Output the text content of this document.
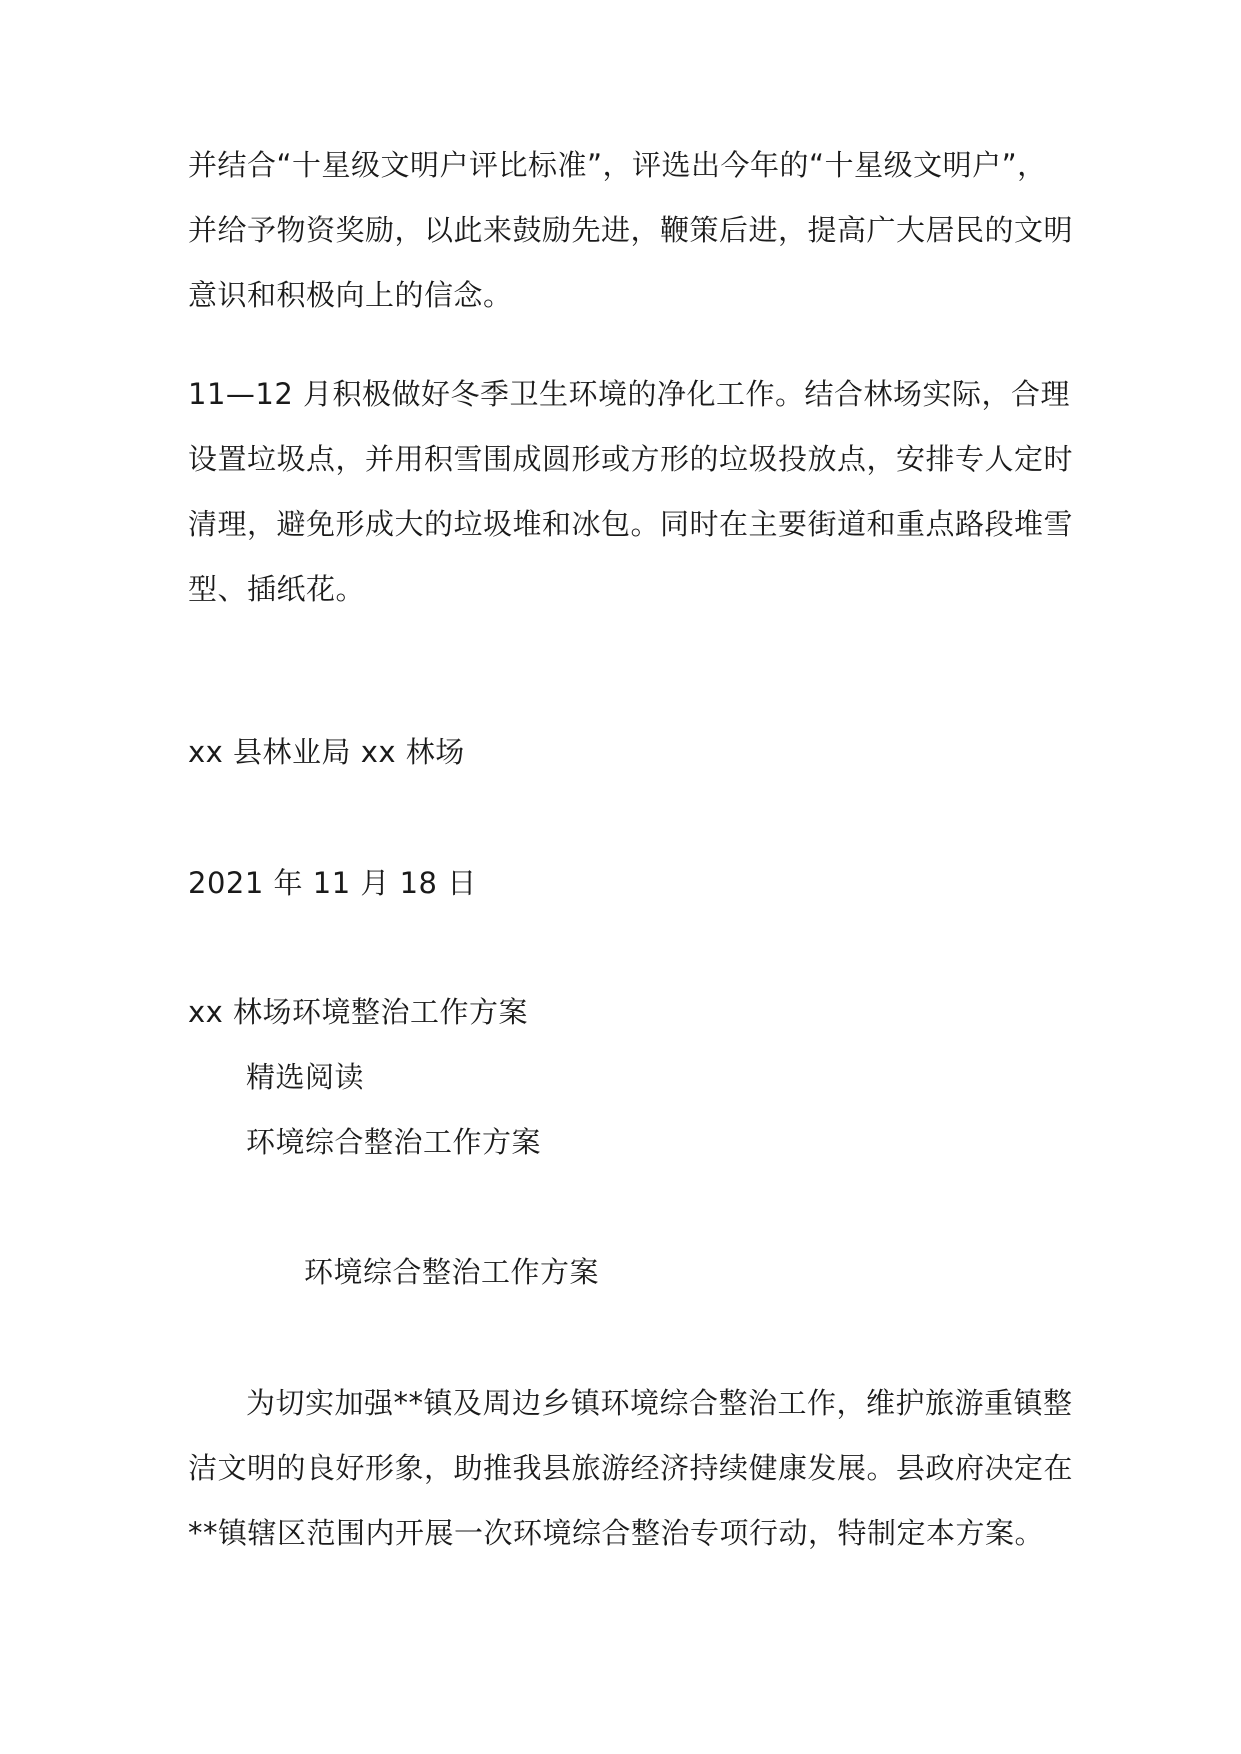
并结合“十星级文明户评比标准”，评选出今年的“十星级文明户”，
并给予物资奖励，以此来鼓励先进，鞭策后进，提高广大居民的文明
意识和积极向上的信念。
11—12 月积极做好冬季卫生环境的净化工作。结合林场实际，合理
设置垃圾点，并用积雪围成圆形或方形的垃圾投放点，安排专人定时
清理，避免形成大的垃圾堆和冰包。同时在主要街道和重点路段堆雪
型、插纸花。
xx 县林业局 xx 林场
2021 年 11 月 18 日
xx 林场环境整治工作方案
精选阅读
环境综合整治工作方案
环境综合整治工作方案
为切实加强**镇及周边乡镇环境综合整治工作，维护旅游重镇整
洁文明的良好形象，助推我县旅游经济持续健康发展。县政府决定在
**镇辖区范围内开展一次环境综合整治专项行动，特制定本方案。
